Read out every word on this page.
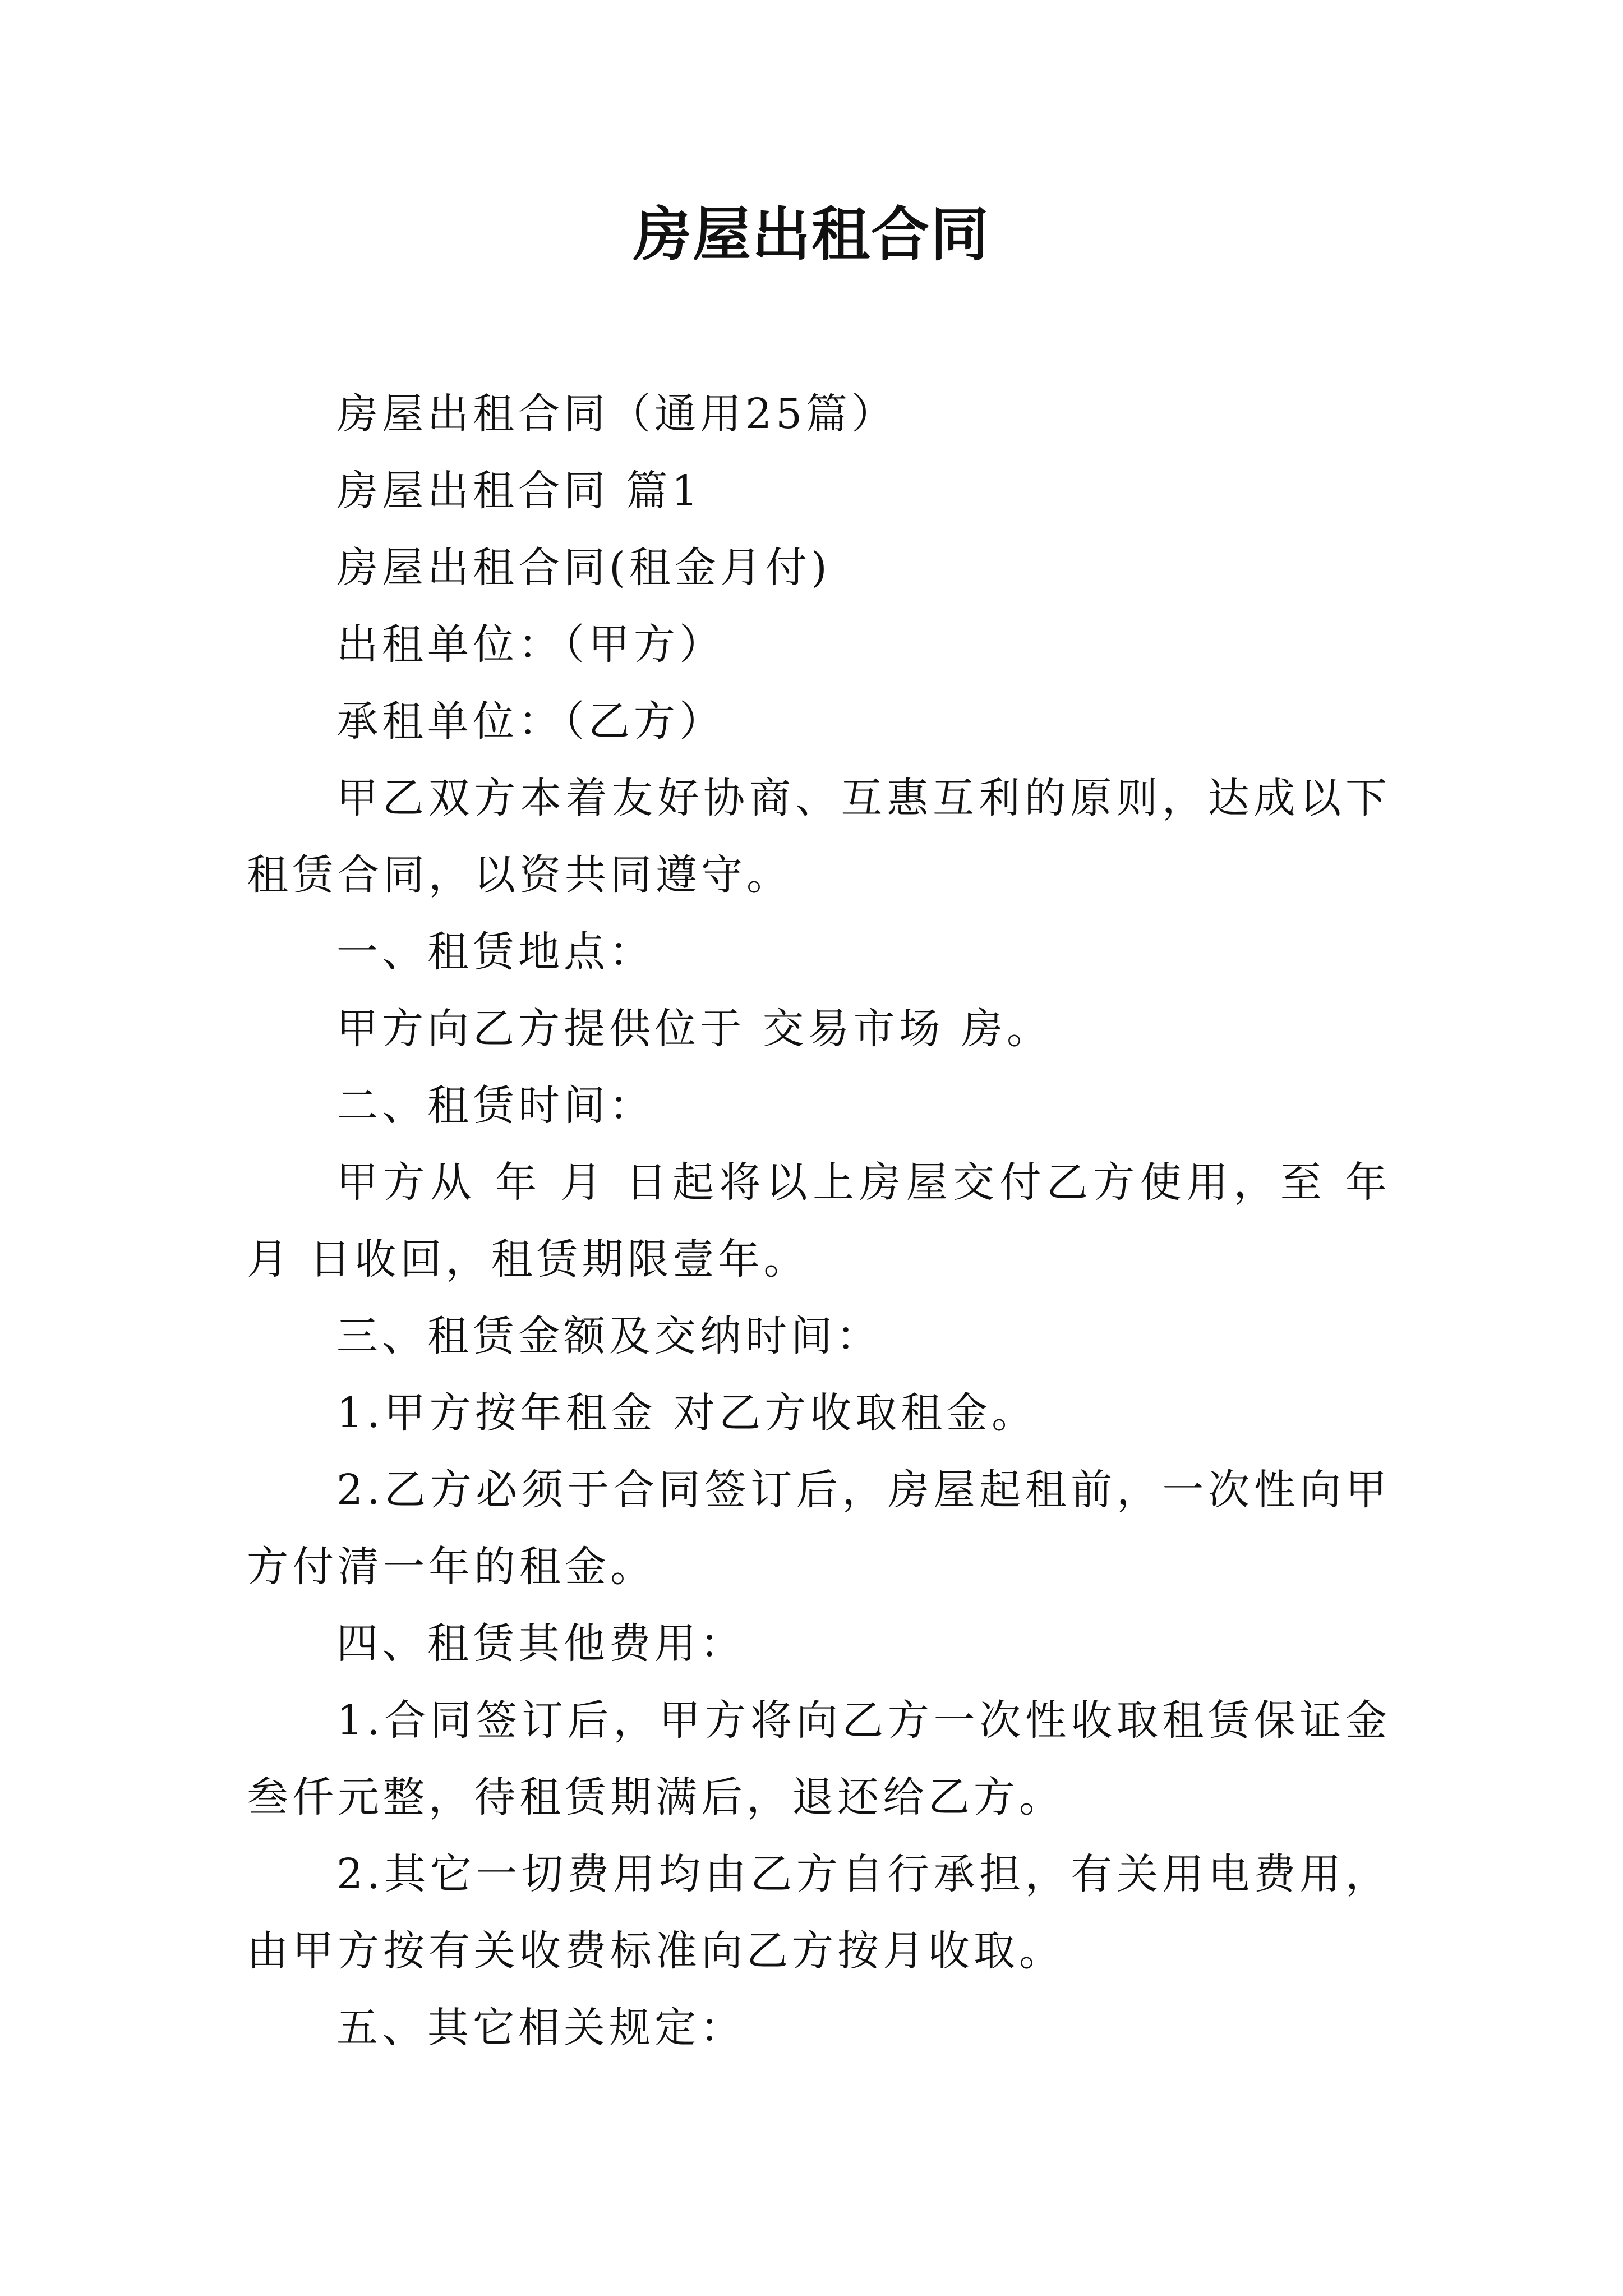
房屋出租合同

房屋出租合同（通用25篇）

房屋出租合同 篇1

房屋出租合同(租金月付)

出租单位：（甲方）

承租单位：（乙方）

甲乙双方本着友好协商、互惠互利的原则，达成以下租赁合同，以资共同遵守。

一、租赁地点：

甲方向乙方提供位于 交易市场 房。

二、租赁时间：

甲方从 年 月 日起将以上房屋交付乙方使用，至 年 月 日收回，租赁期限壹年。

三、租赁金额及交纳时间：

1.甲方按年租金 对乙方收取租金。

2.乙方必须于合同签订后，房屋起租前，一次性向甲方付清一年的租金。

四、租赁其他费用：

1.合同签订后，甲方将向乙方一次性收取租赁保证金叁仟元整，待租赁期满后，退还给乙方。

2.其它一切费用均由乙方自行承担，有关用电费用，由甲方按有关收费标准向乙方按月收取。

五、其它相关规定：
